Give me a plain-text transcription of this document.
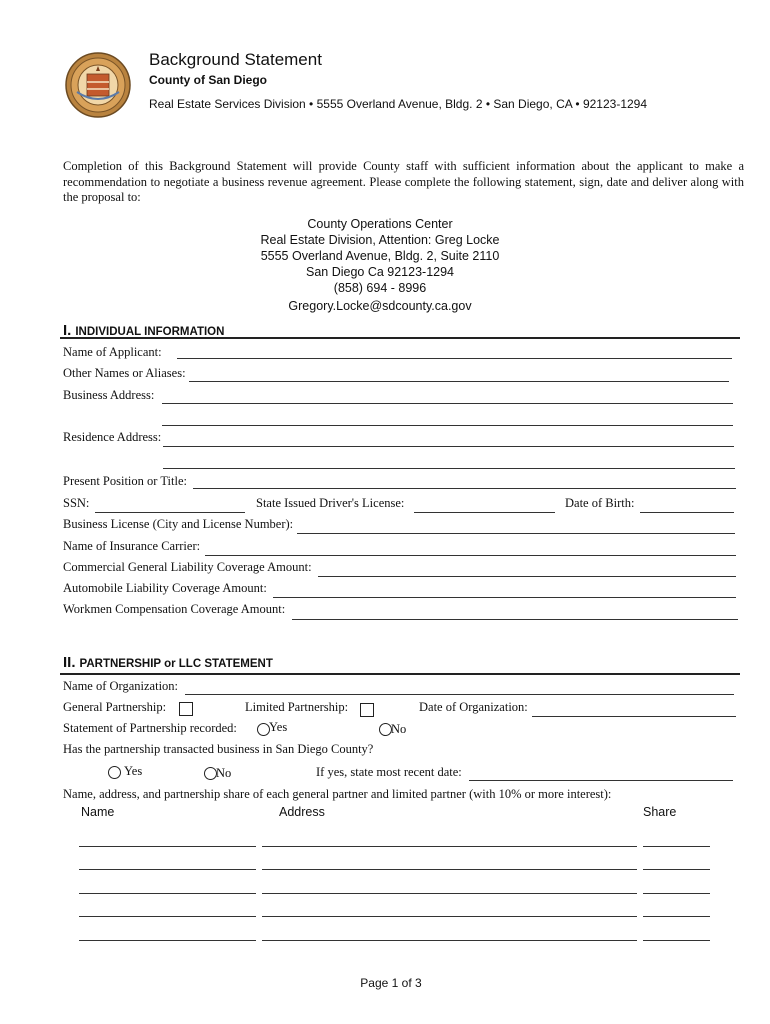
Background Statement
County of San Diego
Real Estate Services Division • 5555 Overland Avenue, Bldg. 2 • San Diego, CA • 92123-1294
Completion of this Background Statement will provide County staff with sufficient information about the applicant to make a recommendation to negotiate a business revenue agreement. Please complete the following statement, sign, date and deliver along with the proposal to:
County Operations Center
Real Estate Division, Attention: Greg Locke
5555 Overland Avenue, Bldg. 2, Suite 2110
San Diego Ca 92123-1294
(858) 694 - 8996
Gregory.Locke@sdcounty.ca.gov
I. INDIVIDUAL INFORMATION
Name of Applicant:
Other Names or Aliases:
Business Address:
Residence Address:
Present Position or Title:
SSN:	State Issued Driver's License:	Date of Birth:
Business License (City and License Number):
Name of Insurance Carrier:
Commercial General Liability Coverage Amount:
Automobile Liability Coverage Amount:
Workmen Compensation Coverage Amount:
II. PARTNERSHIP or LLC STATEMENT
Name of Organization:
General Partnership:	Limited Partnership:	Date of Organization:
Statement of Partnership recorded:	Yes	No
Has the partnership transacted business in San Diego County?
Yes	No	If yes, state most recent date:
Name, address, and partnership share of each general partner and limited partner (with 10% or more interest):
Name	Address	Share
Page 1 of 3
